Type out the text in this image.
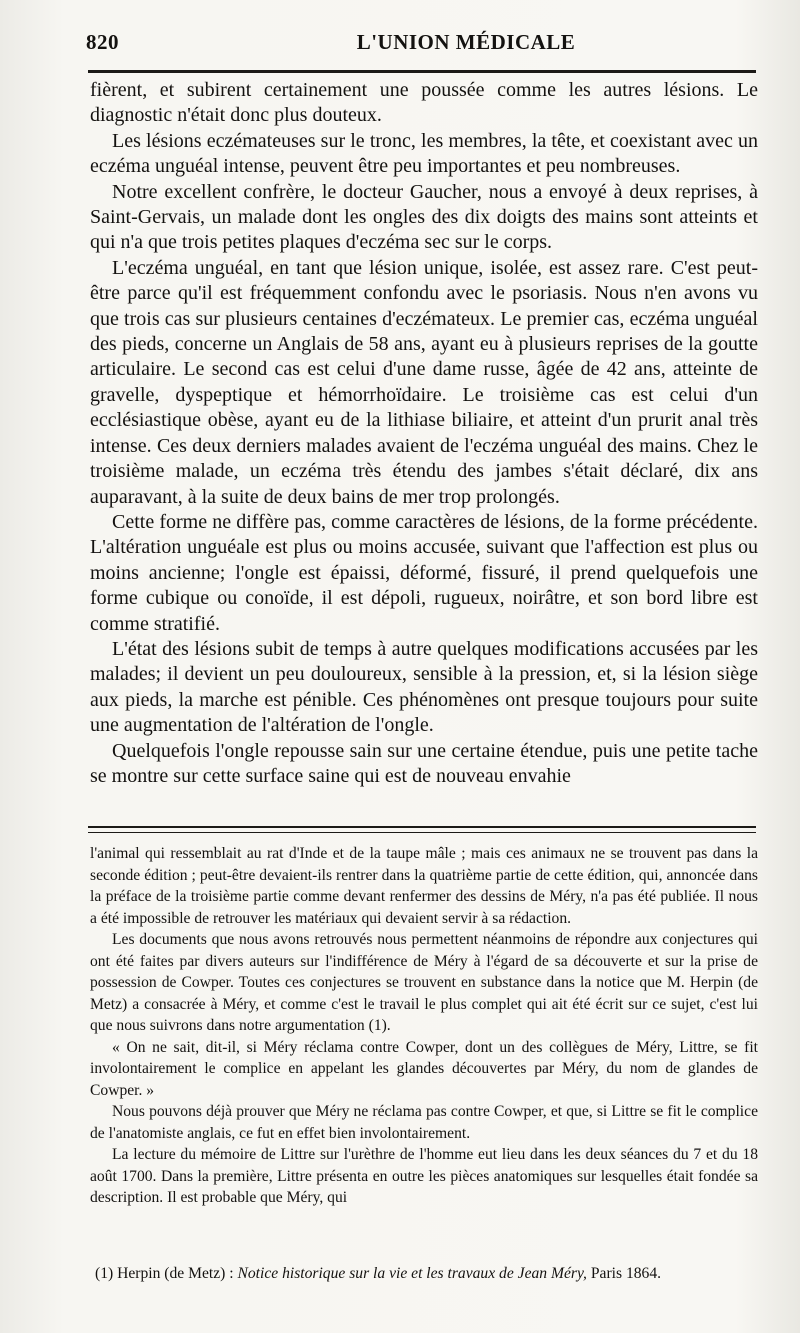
820	L'UNION MÉDICALE

fièrent, et subirent certainement une poussée comme les autres lésions. Le diagnostic n'était donc plus douteux.

Les lésions eczémateuses sur le tronc, les membres, la tête, et coexistant avec un eczéma unguéal intense, peuvent être peu importantes et peu nombreuses.

Notre excellent confrère, le docteur Gaucher, nous a envoyé à deux reprises, à Saint-Gervais, un malade dont les ongles des dix doigts des mains sont atteints et qui n'a que trois petites plaques d'eczéma sec sur le corps.

L'eczéma unguéal, en tant que lésion unique, isolée, est assez rare. C'est peut-être parce qu'il est fréquemment confondu avec le psoriasis. Nous n'en avons vu que trois cas sur plusieurs centaines d'eczémateux. Le premier cas, eczéma unguéal des pieds, concerne un Anglais de 58 ans, ayant eu à plusieurs reprises de la goutte articulaire. Le second cas est celui d'une dame russe, âgée de 42 ans, atteinte de gravelle, dyspeptique et hémorrhoïdaire. Le troisième cas est celui d'un ecclésiastique obèse, ayant eu de la lithiase biliaire, et atteint d'un prurit anal très intense. Ces deux derniers malades avaient de l'eczéma unguéal des mains. Chez le troisième malade, un eczéma très étendu des jambes s'était déclaré, dix ans auparavant, à la suite de deux bains de mer trop prolongés.

Cette forme ne diffère pas, comme caractères de lésions, de la forme précédente. L'altération unguéale est plus ou moins accusée, suivant que l'affection est plus ou moins ancienne; l'ongle est épaissi, déformé, fissuré, il prend quelquefois une forme cubique ou conoïde, il est dépoli, rugueux, noirâtre, et son bord libre est comme stratifié.

L'état des lésions subit de temps à autre quelques modifications accusées par les malades; il devient un peu douloureux, sensible à la pression, et, si la lésion siège aux pieds, la marche est pénible. Ces phénomènes ont presque toujours pour suite une augmentation de l'altération de l'ongle.

Quelquefois l'ongle repousse sain sur une certaine étendue, puis une petite tache se montre sur cette surface saine qui est de nouveau envahie

l'animal qui ressemblait au rat d'Inde et de la taupe mâle ; mais ces animaux ne se trouvent pas dans la seconde édition ; peut-être devaient-ils rentrer dans la quatrième partie de cette édition, qui, annoncée dans la préface de la troisième partie comme devant renfermer des dessins de Méry, n'a pas été publiée. Il nous a été impossible de retrouver les matériaux qui devaient servir à sa rédaction.

Les documents que nous avons retrouvés nous permettent néanmoins de répondre aux conjectures qui ont été faites par divers auteurs sur l'indifférence de Méry à l'égard de sa découverte et sur la prise de possession de Cowper. Toutes ces conjectures se trouvent en substance dans la notice que M. Herpin (de Metz) a consacrée à Méry, et comme c'est le travail le plus complet qui ait été écrit sur ce sujet, c'est lui que nous suivrons dans notre argumentation (1).

« On ne sait, dit-il, si Méry réclama contre Cowper, dont un des collègues de Méry, Littre, se fit involontairement le complice en appelant les glandes découvertes par Méry, du nom de glandes de Cowper. »

Nous pouvons déjà prouver que Méry ne réclama pas contre Cowper, et que, si Littre se fit le complice de l'anatomiste anglais, ce fut en effet bien involontairement.

La lecture du mémoire de Littre sur l'urèthre de l'homme eut lieu dans les deux séances du 7 et du 18 août 1700. Dans la première, Littre présenta en outre les pièces anatomiques sur lesquelles était fondée sa description. Il est probable que Méry, qui

(1) Herpin (de Metz) : Notice historique sur la vie et les travaux de Jean Méry, Paris 1864.
